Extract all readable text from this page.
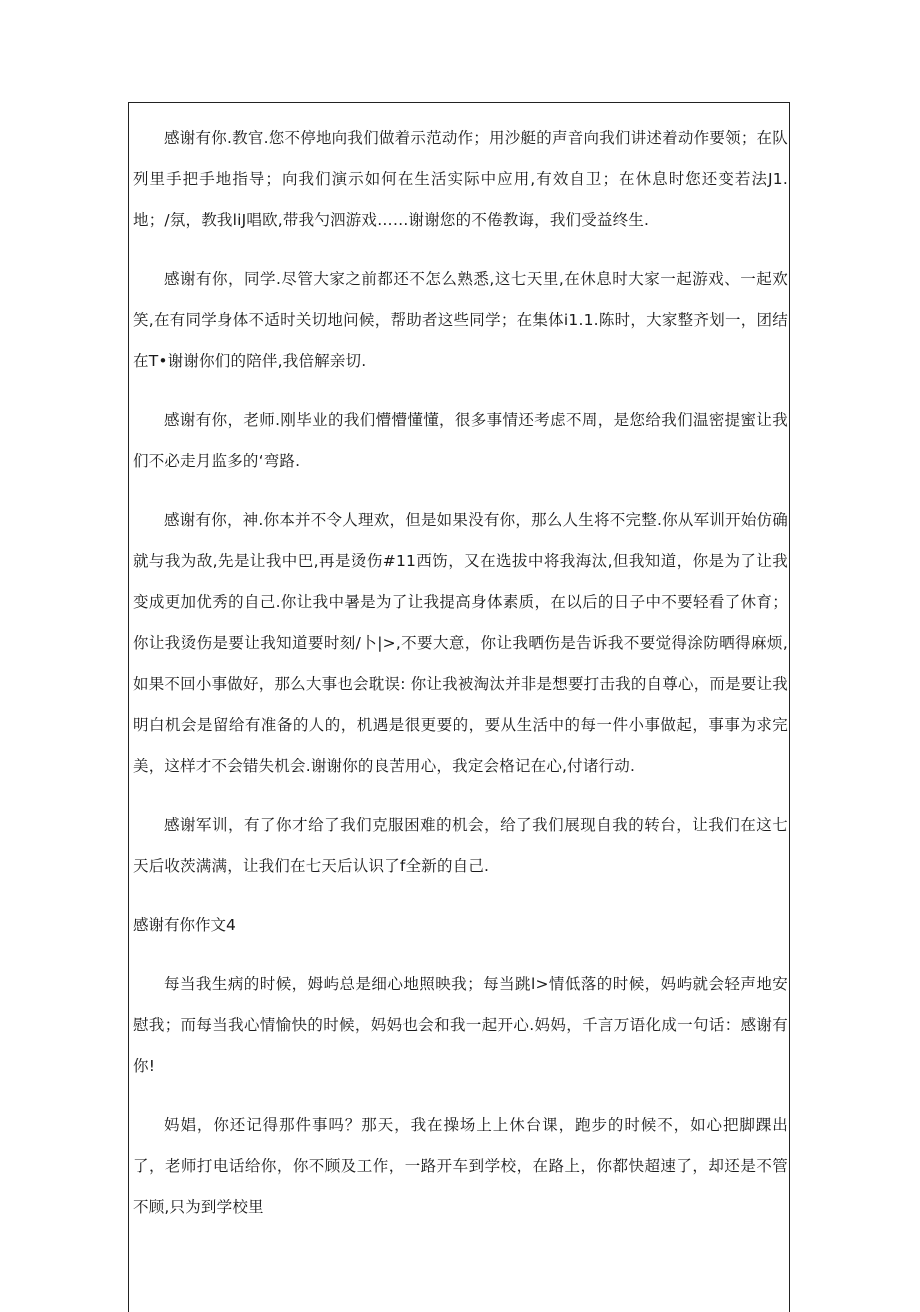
感谢有你.教官.您不停地向我们做着示范动作；用沙艇的声音向我们讲述着动作要领；在队列里手把手地指导；向我们演示如何在生活实际中应用,有效自卫；在休息时您还变若法J1.地；/氛，教我liJ唱欧,带我勺泗游戏……谢谢您的不倦教诲，我们受益终生.

感谢有你，同学.尽管大家之前都还不怎么熟悉,这七天里,在休息时大家一起游戏、一起欢笑,在有同学身体不适时关切地问候，帮助者这些同学；在集体i1.1.陈时，大家整齐划一，团结在T•谢谢你们的陪伴,我倍解亲切.

感谢有你，老师.刚毕业的我们懵懵懂懂，很多事情还考虑不周，是您给我们温密提蜜让我们不必走月监多的‘弯路.

感谢有你，神.你本并不令人理欢，但是如果没有你，那么人生将不完整.你从军训开始仿确就与我为敌,先是让我中巴,再是烫伤#11西饬，又在选拔中将我海汰,但我知道，你是为了让我变成更加优秀的自己.你让我中暑是为了让我提高身体素质，在以后的日子中不要轻看了休育；你让我烫伤是要让我知道要时刻/卜|>,不要大意，你让我晒伤是告诉我不要觉得涂防晒得麻烦,如果不回小事做好，那么大事也会耽误: 你让我被淘汰并非是想要打击我的自尊心，而是要让我明白机会是留给有准备的人的，机遇是很更要的，要从生活中的每一件小事做起，事事为求完美，这样才不会错失机会.谢谢你的良苦用心，我定会格记在心,付诸行动.

感谢军训，有了你才给了我们克服困难的机会，给了我们展现自我的转台，让我们在这七天后收茨满满，让我们在七天后认识了f全新的自己.

感谢有你作文4

每当我生病的时候，姆屿总是细心地照映我；每当跳l>情低落的时候，妈屿就会轻声地安慰我；而每当我心情愉快的时候，妈妈也会和我一起开心.妈妈，千言万语化成一句话：感谢有你!

妈娼，你还记得那件事吗？那天，我在操场上上休台课，跑步的时候不，如心把脚踝出了，老师打电话给你，你不顾及工作，一路开车到学校，在路上，你都快超速了，却还是不管不顾,只为到学校里
